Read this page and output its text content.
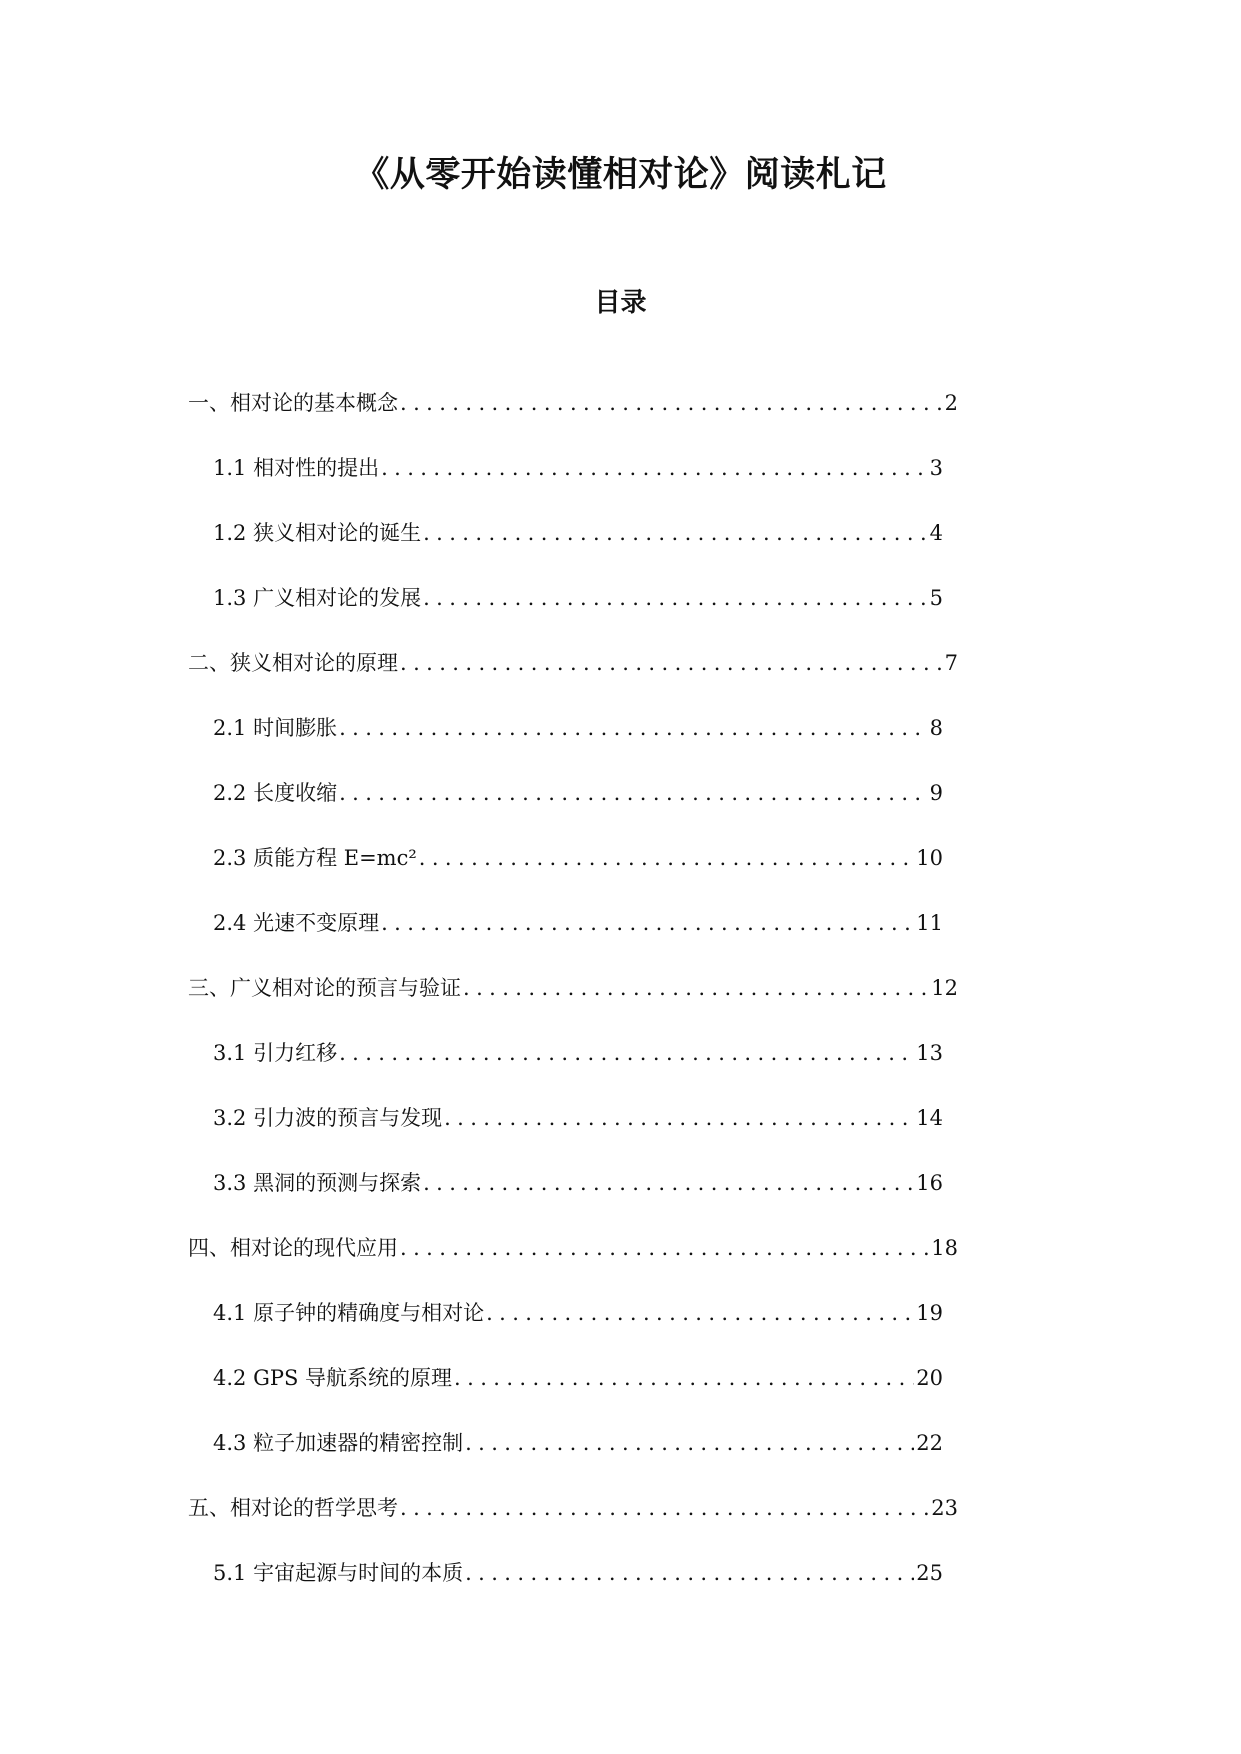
《从零开始读懂相对论》阅读札记
目录
一、相对论的基本概念 .....	2
1.1 相对性的提出 .....	3
1.2 狭义相对论的诞生 .....	4
1.3 广义相对论的发展 .....	5
二、狭义相对论的原理 .....	7
2.1 时间膨胀 .....	8
2.2 长度收缩 .....	9
2.3 质能方程 E=mc² .....	10
2.4 光速不变原理 .....	11
三、广义相对论的预言与验证 .....	12
3.1 引力红移 .....	13
3.2 引力波的预言与发现 .....	14
3.3 黑洞的预测与探索 .....	16
四、相对论的现代应用 .....	18
4.1 原子钟的精确度与相对论 .....	19
4.2 GPS 导航系统的原理 .....	20
4.3 粒子加速器的精密控制 .....	22
五、相对论的哲学思考 .....	23
5.1 宇宙起源与时间的本质 .....	25
